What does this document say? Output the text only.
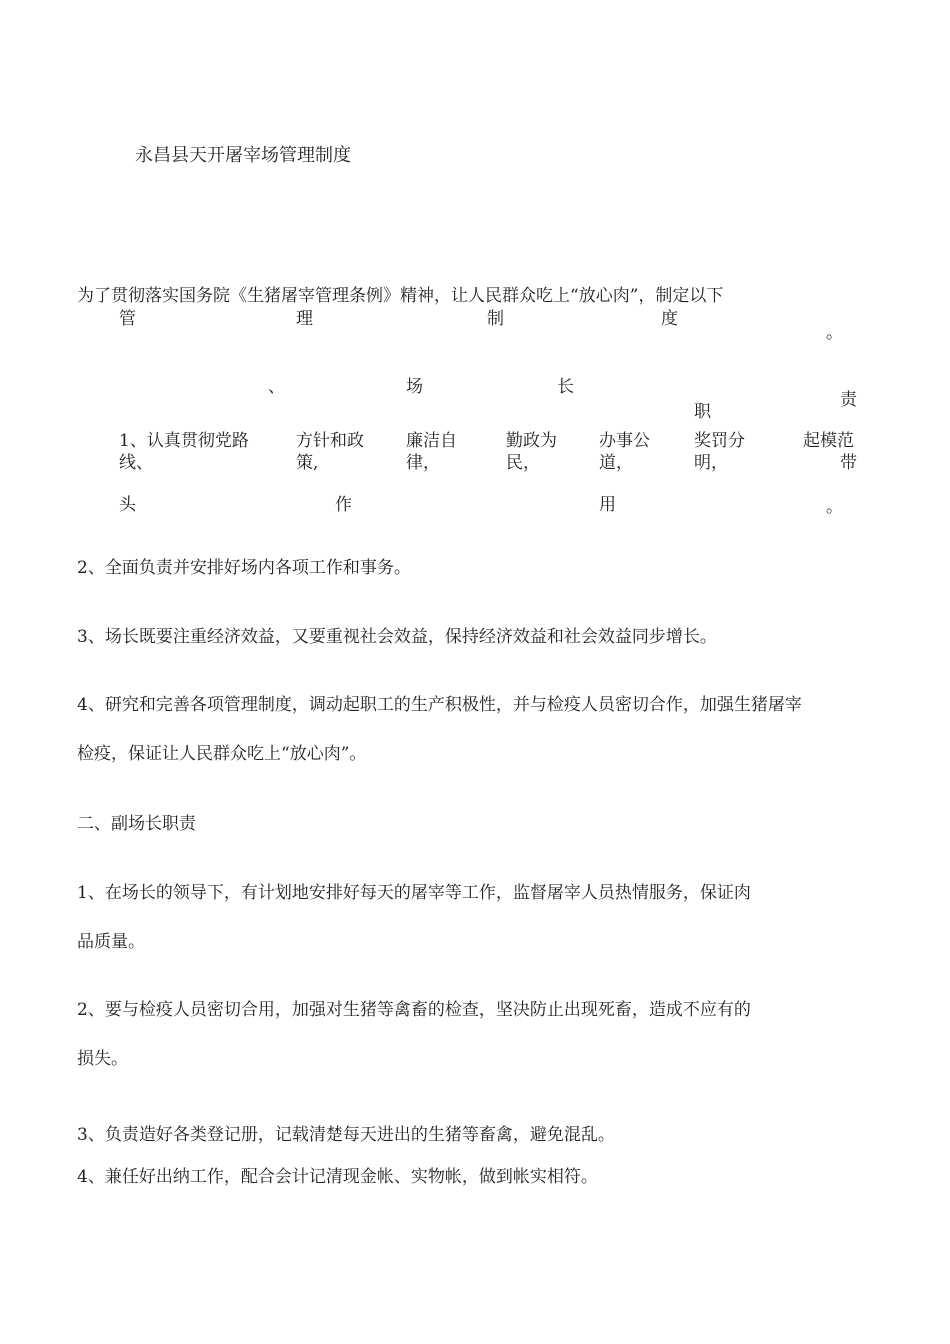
永昌县天开屠宰场管理制度
为了贯彻落实国务院《生猪屠宰管理条例》精神，让人民群众吃上“放心肉”，制定以下
管	理	制	度
。
、	场	长
职
责
1、认真贯彻党路	方针和政 廉洁自	勤政为 办事公	奖罚分	起模范
线、	策,	律，	民，	道，	明，	带
头	作	用	。
2、全面负责并安排好场内各项工作和事务。
3、场长既要注重经济效益，又要重视社会效益，保持经济效益和社会效益同步增长。
4、研究和完善各项管理制度，调动起职工的生产积极性，并与检疫人员密切合作，加强生猪屠宰
检疫，保证让人民群众吃上“放心肉”。
二、副场长职责
1、在场长的领导下，有计划地安排好每天的屠宰等工作，监督屠宰人员热情服务，保证肉
品质量。
2、要与检疫人员密切合用，加强对生猪等禽畜的检查，坚决防止出现死畜，造成不应有的
损失。
3、负责造好各类登记册，记载清楚每天进出的生猪等畜禽，避免混乱。
4、兼任好出纳工作，配合会计记清现金帐、实物帐，做到帐实相符。
